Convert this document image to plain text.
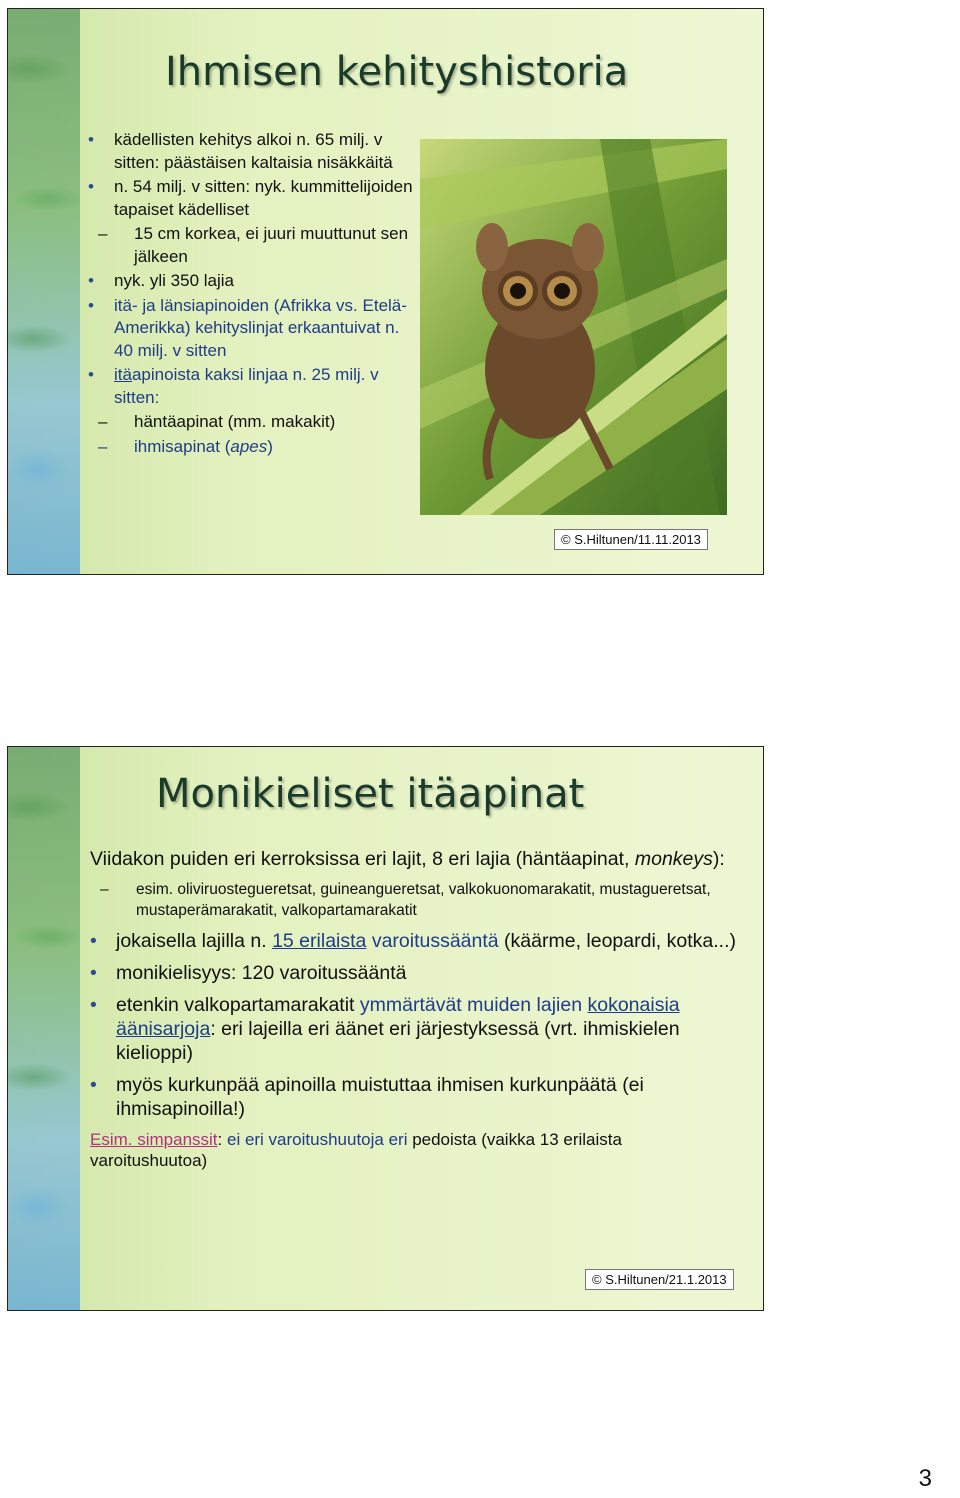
Ihmisen kehityshistoria
• kädellisten kehitys alkoi n. 65 milj. v sitten: päästäisen kaltaisia nisäkkäitä
• n. 54 milj. v sitten: nyk. kummittelijoiden tapaiset kädelliset
– 15 cm korkea, ei juuri muuttunut sen jälkeen
• nyk. yli 350 lajia
• itä- ja länsiapinoiden (Afrikka vs. Etelä-Amerikka) kehityslinjat erkaantuivat n. 40 milj. v sitten
• itäapinoista kaksi linjaa n. 25 milj. v sitten:
– häntäapinat (mm. makakit)
– ihmisapinat (apes)
© S.Hiltunen/11.11.2013
Monikieliset itäapinat
Viidakon puiden eri kerroksissa eri lajit, 8 eri lajia (häntäapinat, monkeys):
– esim. oliviruostegueretsat, guineangueretsat, valkokuonomarakatit, mustagueretsat, mustaperämarakatit, valkopartamarakatit
• jokaisella lajilla n. 15 erilaista varoitussääntä (käärme, leopardi, kotka...)
• monikielisyys: 120 varoitussääntä
• etenkin valkopartamarakatit ymmärtävät muiden lajien kokonaisia äänisarjoja: eri lajeilla eri äänet eri järjestyksessä (vrt. ihmiskielen kielioppi)
• myös kurkunpää apinoilla muistuttaa ihmisen kurkunpäätä (ei ihmisapinoilla!)
Esim. simpanssit: ei eri varoitushuutoja eri pedoista (vaikka 13 erilaista varoitushuutoa)
© S.Hiltunen/21.1.2013
3
